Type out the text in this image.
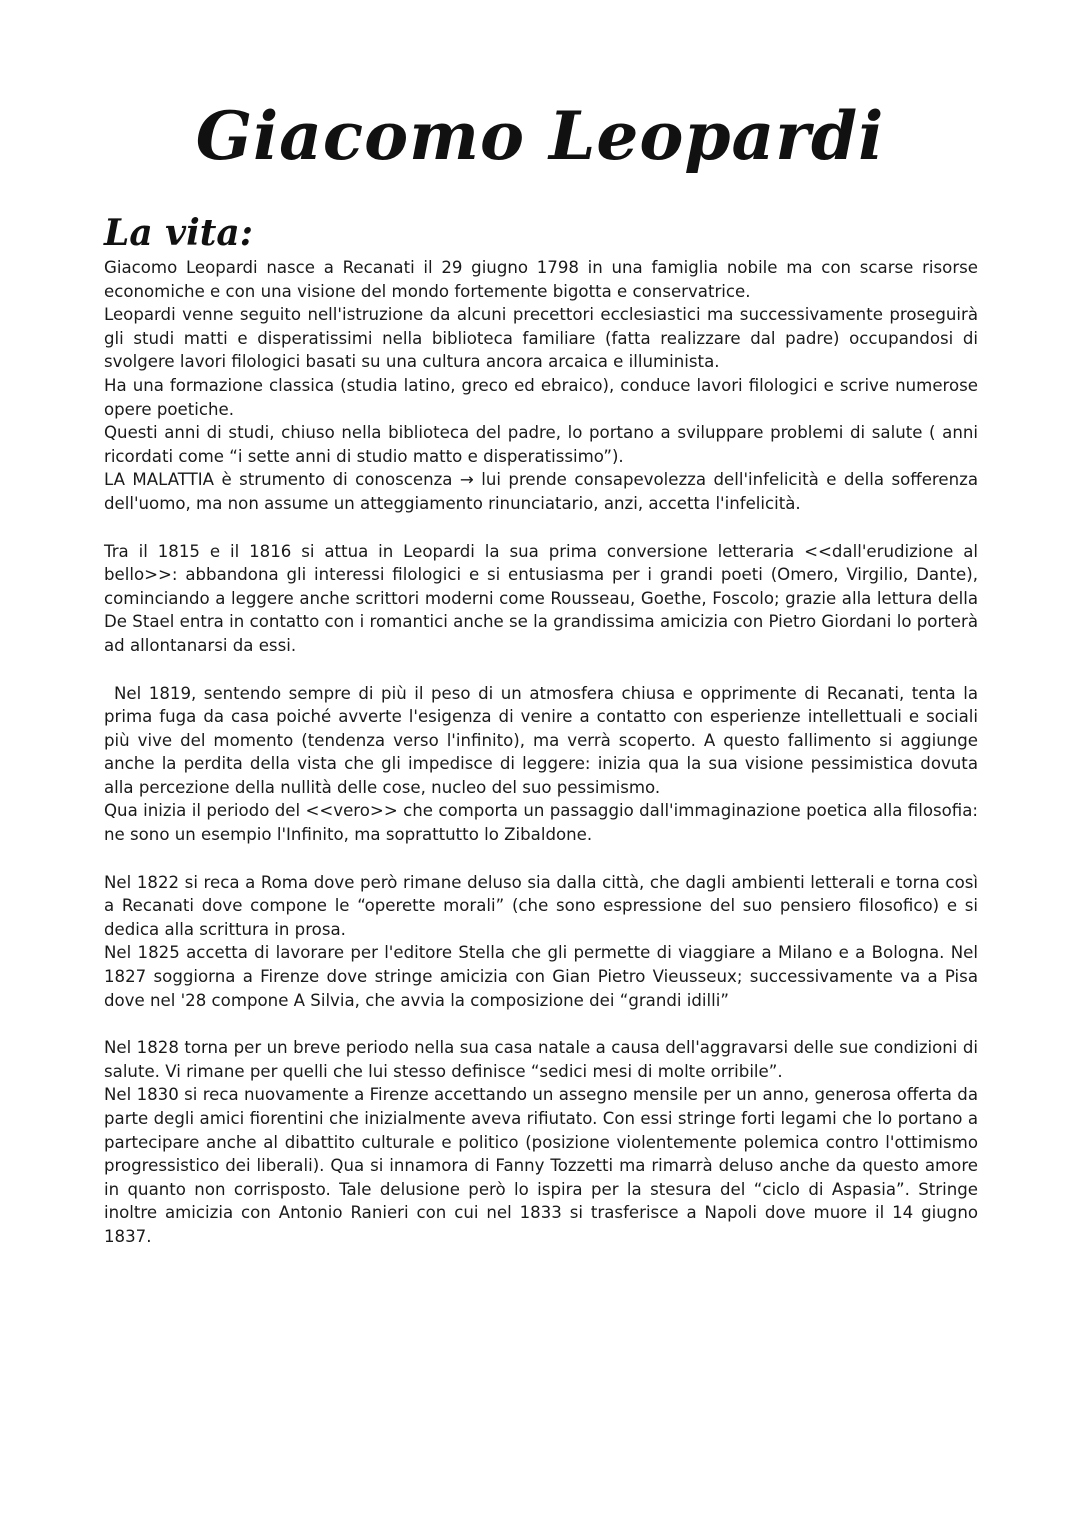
Giacomo Leopardi
La vita:

Giacomo Leopardi nasce a Recanati il 29 giugno 1798 in una famiglia nobile ma con scarse risorse economiche e con una visione del mondo fortemente bigotta e conservatrice.

Leopardi venne seguito nell'istruzione da alcuni precettori ecclesiastici ma successivamente proseguirà gli studi matti e disperatissimi nella biblioteca familiare (fatta realizzare dal padre) occupandosi di svolgere lavori filologici basati su una cultura ancora arcaica e illuminista.

Ha una formazione classica (studia latino, greco ed ebraico), conduce lavori filologici e scrive numerose opere poetiche.

Questi anni di studi, chiuso nella biblioteca del padre, lo portano a sviluppare problemi di salute ( anni ricordati come “i sette anni di studio matto e disperatissimo”).

LA MALATTIA è strumento di conoscenza → lui prende consapevolezza dell'infelicità e della sofferenza dell'uomo, ma non assume un atteggiamento rinunciatario, anzi, accetta l'infelicità.

Tra il 1815 e il 1816 si attua in Leopardi la sua prima conversione letteraria <<dall'erudizione al bello>>: abbandona gli interessi filologici e si entusiasma per i grandi poeti (Omero, Virgilio, Dante), cominciando a leggere anche scrittori moderni come Rousseau, Goethe, Foscolo; grazie alla lettura della De Stael entra in contatto con i romantici anche se la grandissima amicizia con Pietro Giordani lo porterà ad allontanarsi da essi.

Nel 1819, sentendo sempre di più il peso di un atmosfera chiusa e opprimente di Recanati, tenta la prima fuga da casa poiché avverte l'esigenza di venire a contatto con esperienze intellettuali e sociali più vive del momento (tendenza verso l'infinito), ma verrà scoperto. A questo fallimento si aggiunge anche la perdita della vista che gli impedisce di leggere: inizia qua la sua visione pessimistica dovuta alla percezione della nullità delle cose, nucleo del suo pessimismo.

Qua inizia il periodo del <<vero>> che comporta un passaggio dall'immaginazione poetica alla filosofia: ne sono un esempio l'Infinito, ma soprattutto lo Zibaldone.

Nel 1822 si reca a Roma dove però rimane deluso sia dalla città, che dagli ambienti letterali e torna così a Recanati dove compone le “operette morali” (che sono espressione del suo pensiero filosofico) e si dedica alla scrittura in prosa.

Nel 1825 accetta di lavorare per l'editore Stella che gli permette di viaggiare a Milano e a Bologna. Nel 1827 soggiorna a Firenze dove stringe amicizia con Gian Pietro Vieusseux; successivamente va a Pisa dove nel '28 compone A Silvia, che avvia la composizione dei “grandi idilli”

Nel 1828 torna per un breve periodo nella sua casa natale a causa dell'aggravarsi delle sue condizioni di salute. Vi rimane per quelli che lui stesso definisce “sedici mesi di molte orribile”.

Nel 1830 si reca nuovamente a Firenze accettando un assegno mensile per un anno, generosa offerta da parte degli amici fiorentini che inizialmente aveva rifiutato. Con essi stringe forti legami che lo portano a partecipare anche al dibattito culturale e politico (posizione violentemente polemica contro l'ottimismo progressistico dei liberali). Qua si innamora di Fanny Tozzetti ma rimarrà deluso anche da questo amore in quanto non corrisposto. Tale delusione però lo ispira per la stesura del “ciclo di Aspasia”. Stringe inoltre amicizia con Antonio Ranieri con cui nel 1833 si trasferisce a Napoli dove muore il 14 giugno 1837.
